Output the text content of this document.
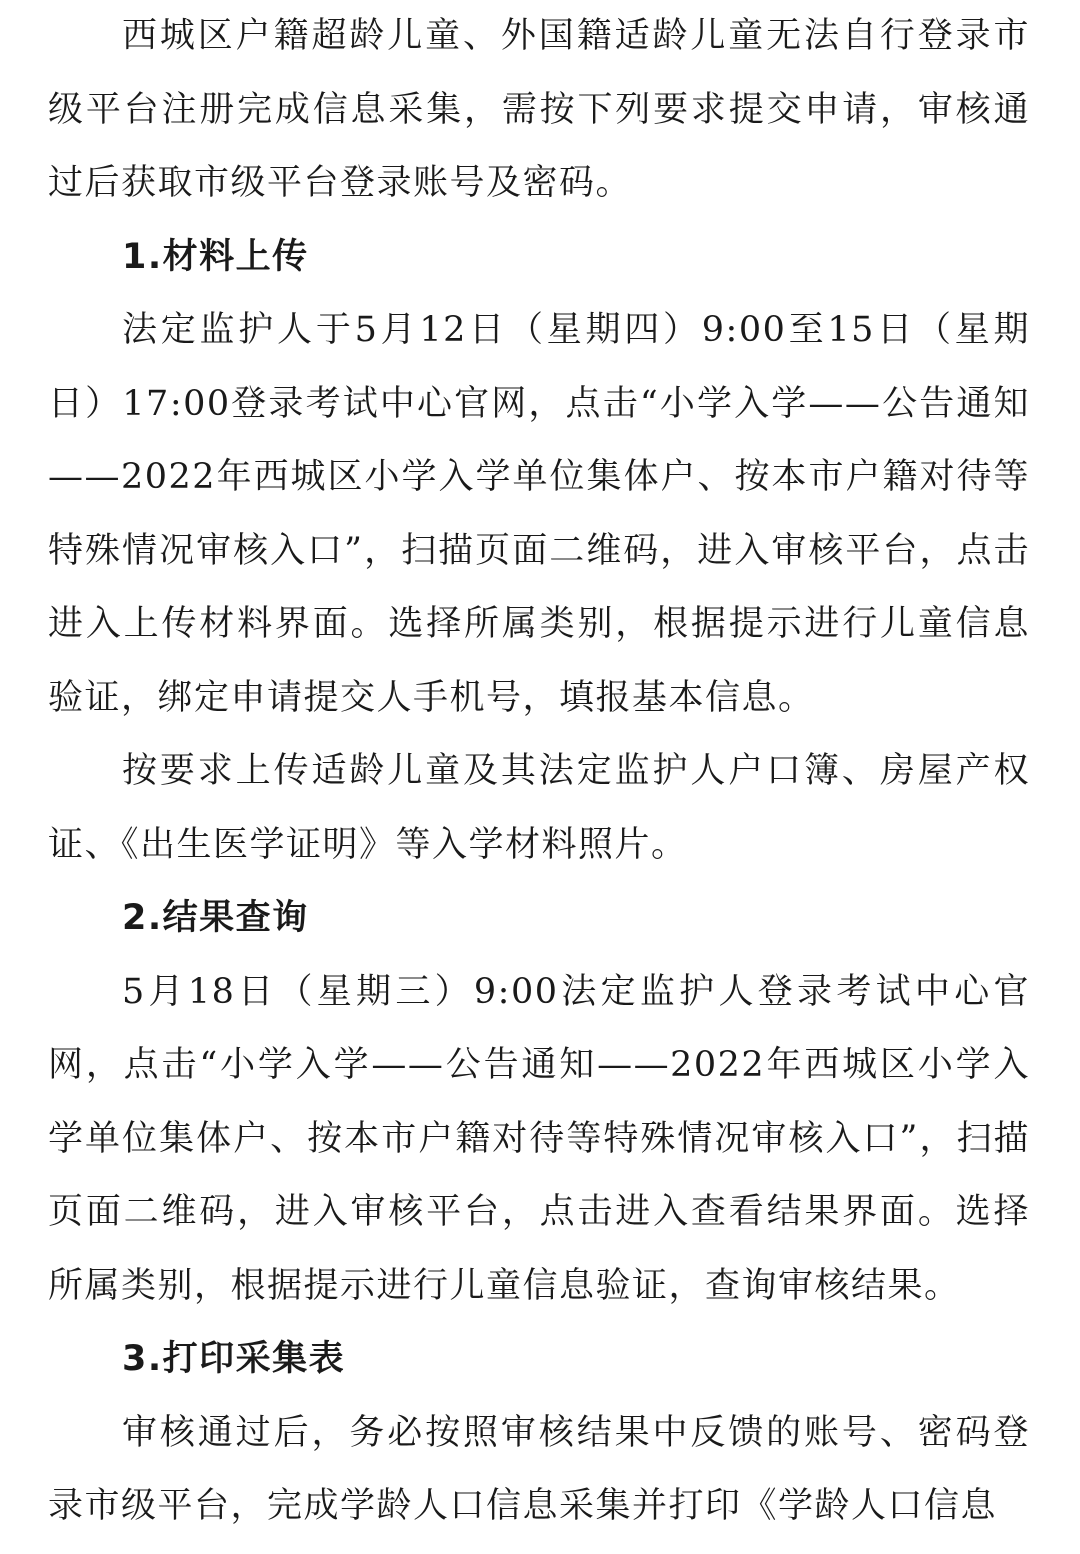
西城区户籍超龄儿童、外国籍适龄儿童无法自行登录市级平台注册完成信息采集，需按下列要求提交申请，审核通过后获取市级平台登录账号及密码。

1.材料上传

法定监护人于5月12日（星期四）9:00至15日（星期日）17:00登录考试中心官网，点击“小学入学——公告通知——2022年西城区小学入学单位集体户、按本市户籍对待等特殊情况审核入口”，扫描页面二维码，进入审核平台，点击进入上传材料界面。选择所属类别，根据提示进行儿童信息验证，绑定申请提交人手机号，填报基本信息。

按要求上传适龄儿童及其法定监护人户口簿、房屋产权证、《出生医学证明》等入学材料照片。

2.结果查询

5月18日（星期三）9:00法定监护人登录考试中心官网，点击“小学入学——公告通知——2022年西城区小学入学单位集体户、按本市户籍对待等特殊情况审核入口”，扫描页面二维码，进入审核平台，点击进入查看结果界面。选择所属类别，根据提示进行儿童信息验证，查询审核结果。

3.打印采集表

审核通过后，务必按照审核结果中反馈的账号、密码登录市级平台，完成学龄人口信息采集并打印《学龄人口信息
